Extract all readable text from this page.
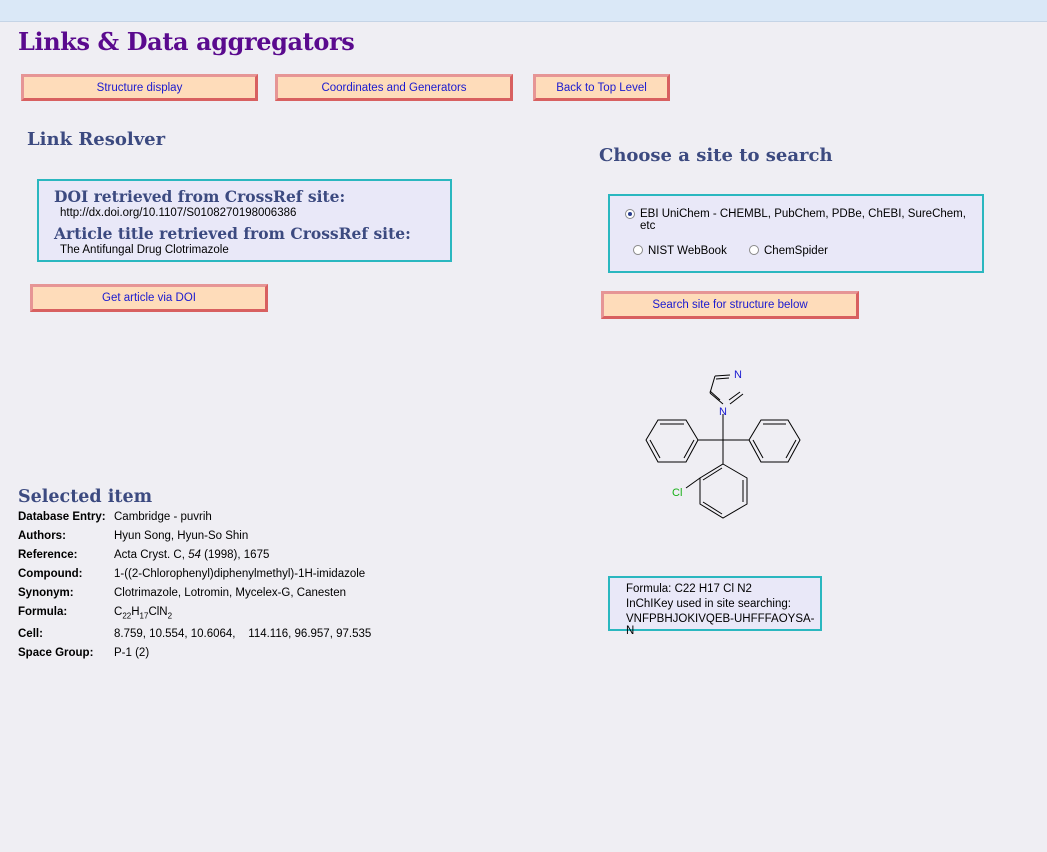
Links & Data aggregators
Structure display	Coordinates and Generators	Back to Top Level
Link Resolver
DOI retrieved from CrossRef site:
http://dx.doi.org/10.1107/S0108270198006386
Article title retrieved from CrossRef site:
The Antifungal Drug Clotrimazole
Get article via DOI
Choose a site to search
EBI UniChem - CHEMBL, PubChem, PDBe, ChEBI, SureChem, etc
NIST WebBook	ChemSpider
Search site for structure below
N
N
Cl
Formula: C22 H17 Cl N2
InChIKey used in site searching:
VNFPBHJOKIVQEB-UHFFFAOYSA-N
Selected item
Database Entry: Cambridge - puvrih
Authors:	Hyun Song, Hyun-So Shin
Reference:	Acta Cryst. C, 54 (1998), 1675
Compound:	1-((2-Chlorophenyl)diphenylmethyl)-1H-imidazole
Synonym:	Clotrimazole, Lotromin, Mycelex-G, Canesten
Formula:	$C_{22}H_{17}ClN_2$
Cell:	8.759, 10.554, 10.6064,    114.116, 96.957, 97.535
Space Group: P-1 (2)
